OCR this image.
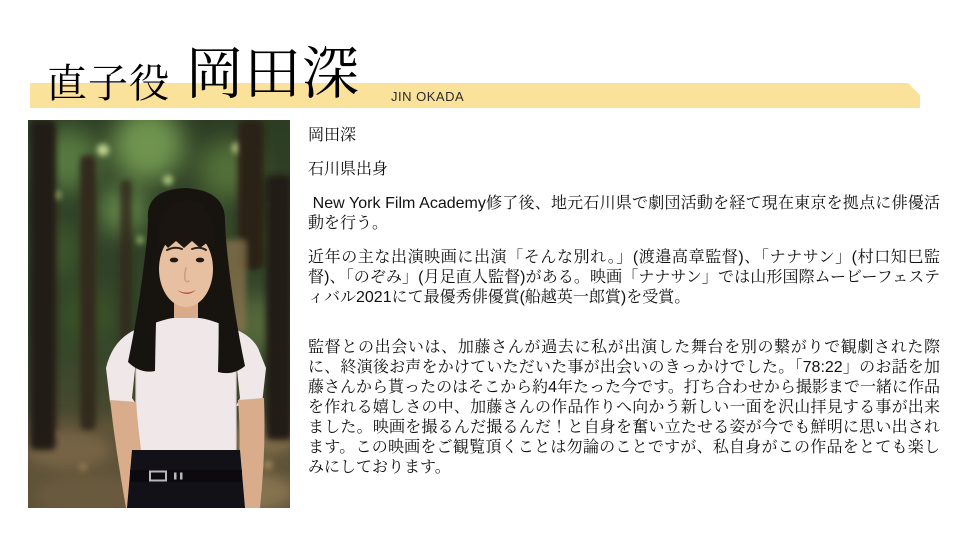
直子役 岡田深 JIN OKADA

岡田深

石川県出身

New York Film Academy修了後、地元石川県で劇団活動を経て現在東京を拠点に俳優活動を行う。

近年の主な出演映画に出演「そんな別れ。」(渡邉高章監督)、「ナナサン」(村口知巳監督)、「のぞみ」(月足直人監督)がある。映画「ナナサン」では山形国際ムービーフェスティバル2021にて最優秀俳優賞(船越英一郎賞)を受賞。

監督との出会いは、加藤さんが過去に私が出演した舞台を別の繋がりで観劇された際に、終演後お声をかけていただいた事が出会いのきっかけでした。「78:22」のお話を加藤さんから貰ったのはそこから約4年たった今です。打ち合わせから撮影まで一緒に作品を作れる嬉しさの中、加藤さんの作品作りへ向かう新しい一面を沢山拝見する事が出来ました。映画を撮るんだ撮るんだ！と自身を奮い立たせる姿が今でも鮮明に思い出されます。この映画をご観覧頂くことは勿論のことですが、私自身がこの作品をとても楽しみにしております。
